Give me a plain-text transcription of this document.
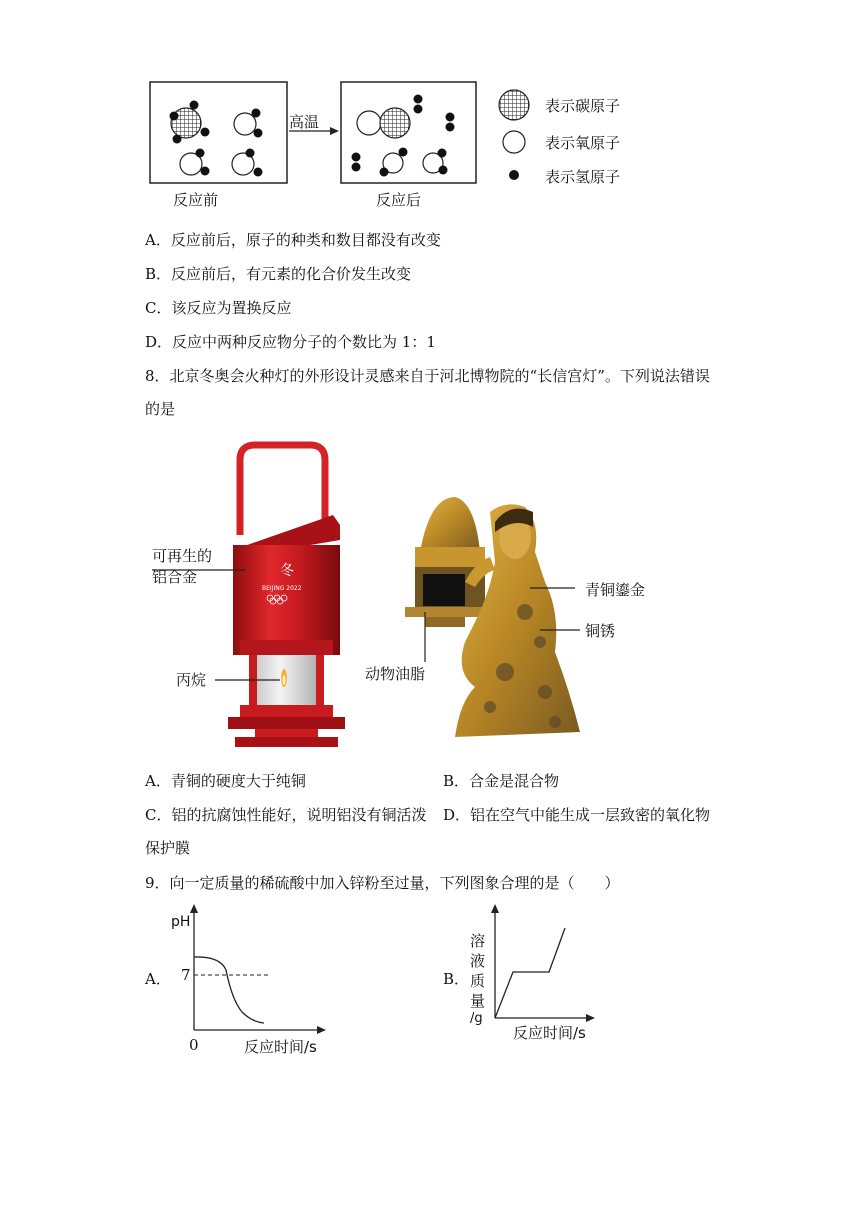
高温
反应前	反应后
表示碳原子
表示氧原子
表示氢原子
A．反应前后，原子的种类和数目都没有改变
B．反应前后，有元素的化合价发生改变
C．该反应为置换反应
D．反应中两种反应物分子的个数比为 1：1
8．北京冬奥会火种灯的外形设计灵感来自于河北博物院的“长信宫灯”。下列说法错误
的是
冬
BEIJING 2022
可再生的
铝合金
丙烷	动物油脂
青铜鎏金
铜锈
A．青铜的硬度大于纯铜	B．合金是混合物
C．铝的抗腐蚀性能好，说明铝没有铜活泼 D．铝在空气中能生成一层致密的氧化物
保护膜
9．向一定质量的稀硫酸中加入锌粉至过量，下列图象合理的是（　　）
A．
pH
7
0	反应时间/s
B．
溶
液
质
量
/g
反应时间/s
